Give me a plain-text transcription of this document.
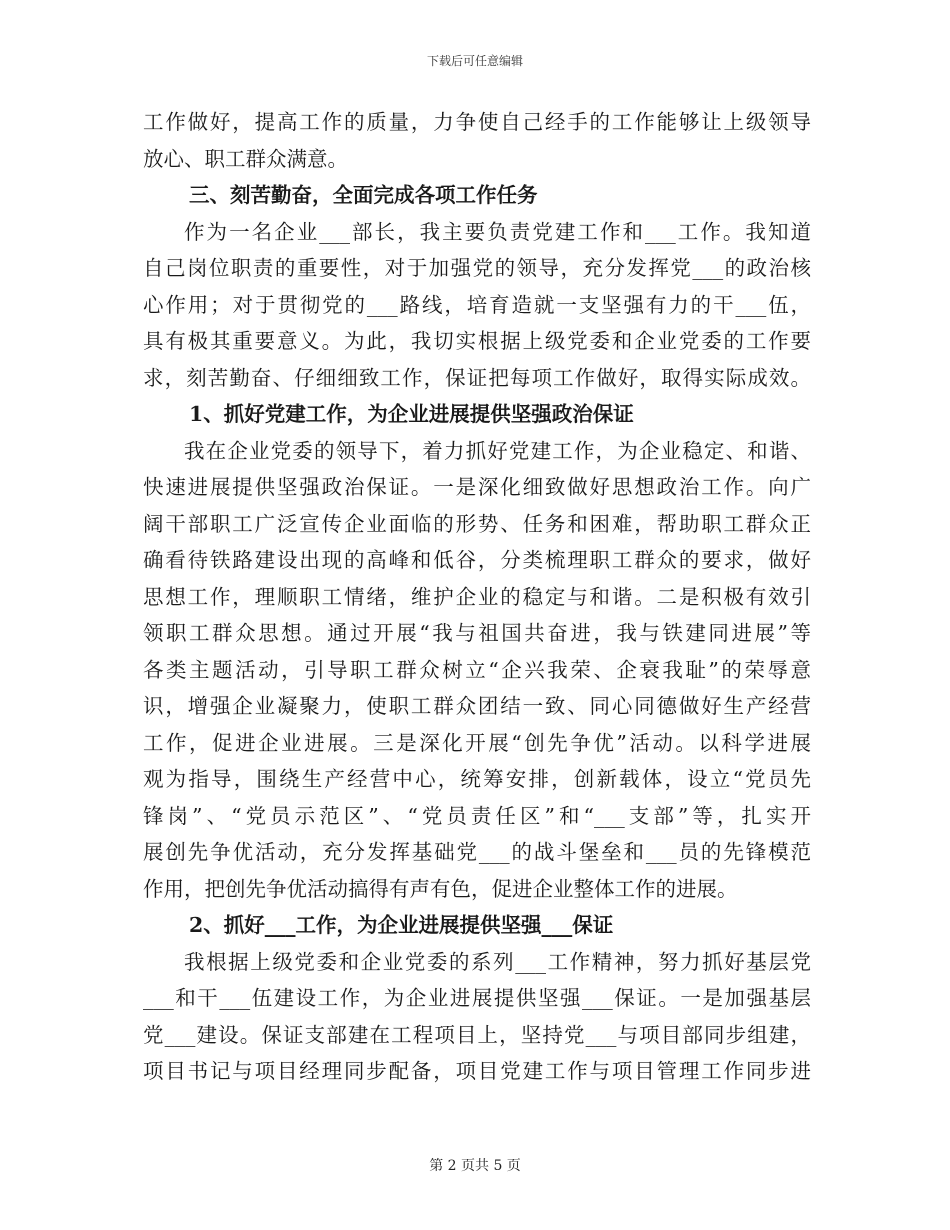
下载后可任意编辑
工作做好，提高工作的质量，力争使自己经手的工作能够让上级领导
放心、职工群众满意。
三、刻苦勤奋，全面完成各项工作任务
作为一名企业___部长，我主要负责党建工作和___工作。我知道
自己岗位职责的重要性，对于加强党的领导，充分发挥党___的政治核
心作用；对于贯彻党的___路线，培育造就一支坚强有力的干___伍，
具有极其重要意义。为此，我切实根据上级党委和企业党委的工作要
求，刻苦勤奋、仔细细致工作，保证把每项工作做好，取得实际成效。
1、抓好党建工作，为企业进展提供坚强政治保证
我在企业党委的领导下，着力抓好党建工作，为企业稳定、和谐、
快速进展提供坚强政治保证。一是深化细致做好思想政治工作。向广
阔干部职工广泛宣传企业面临的形势、任务和困难，帮助职工群众正
确看待铁路建设出现的高峰和低谷，分类梳理职工群众的要求，做好
思想工作，理顺职工情绪，维护企业的稳定与和谐。二是积极有效引
领职工群众思想。通过开展“我与祖国共奋进，我与铁建同进展”等
各类主题活动，引导职工群众树立“企兴我荣、企衰我耻”的荣辱意
识，增强企业凝聚力，使职工群众团结一致、同心同德做好生产经营
工作，促进企业进展。三是深化开展“创先争优”活动。以科学进展
观为指导，围绕生产经营中心，统筹安排，创新载体，设立“党员先
锋岗”、“党员示范区”、“党员责任区”和“___支部”等，扎实开
展创先争优活动，充分发挥基础党___的战斗堡垒和___员的先锋模范
作用，把创先争优活动搞得有声有色，促进企业整体工作的进展。
2、抓好___工作，为企业进展提供坚强___保证
我根据上级党委和企业党委的系列___工作精神，努力抓好基层党
___和干___伍建设工作，为企业进展提供坚强___保证。一是加强基层
党___建设。保证支部建在工程项目上，坚持党___与项目部同步组建，
项目书记与项目经理同步配备，项目党建工作与项目管理工作同步进
第 2 页共 5 页
